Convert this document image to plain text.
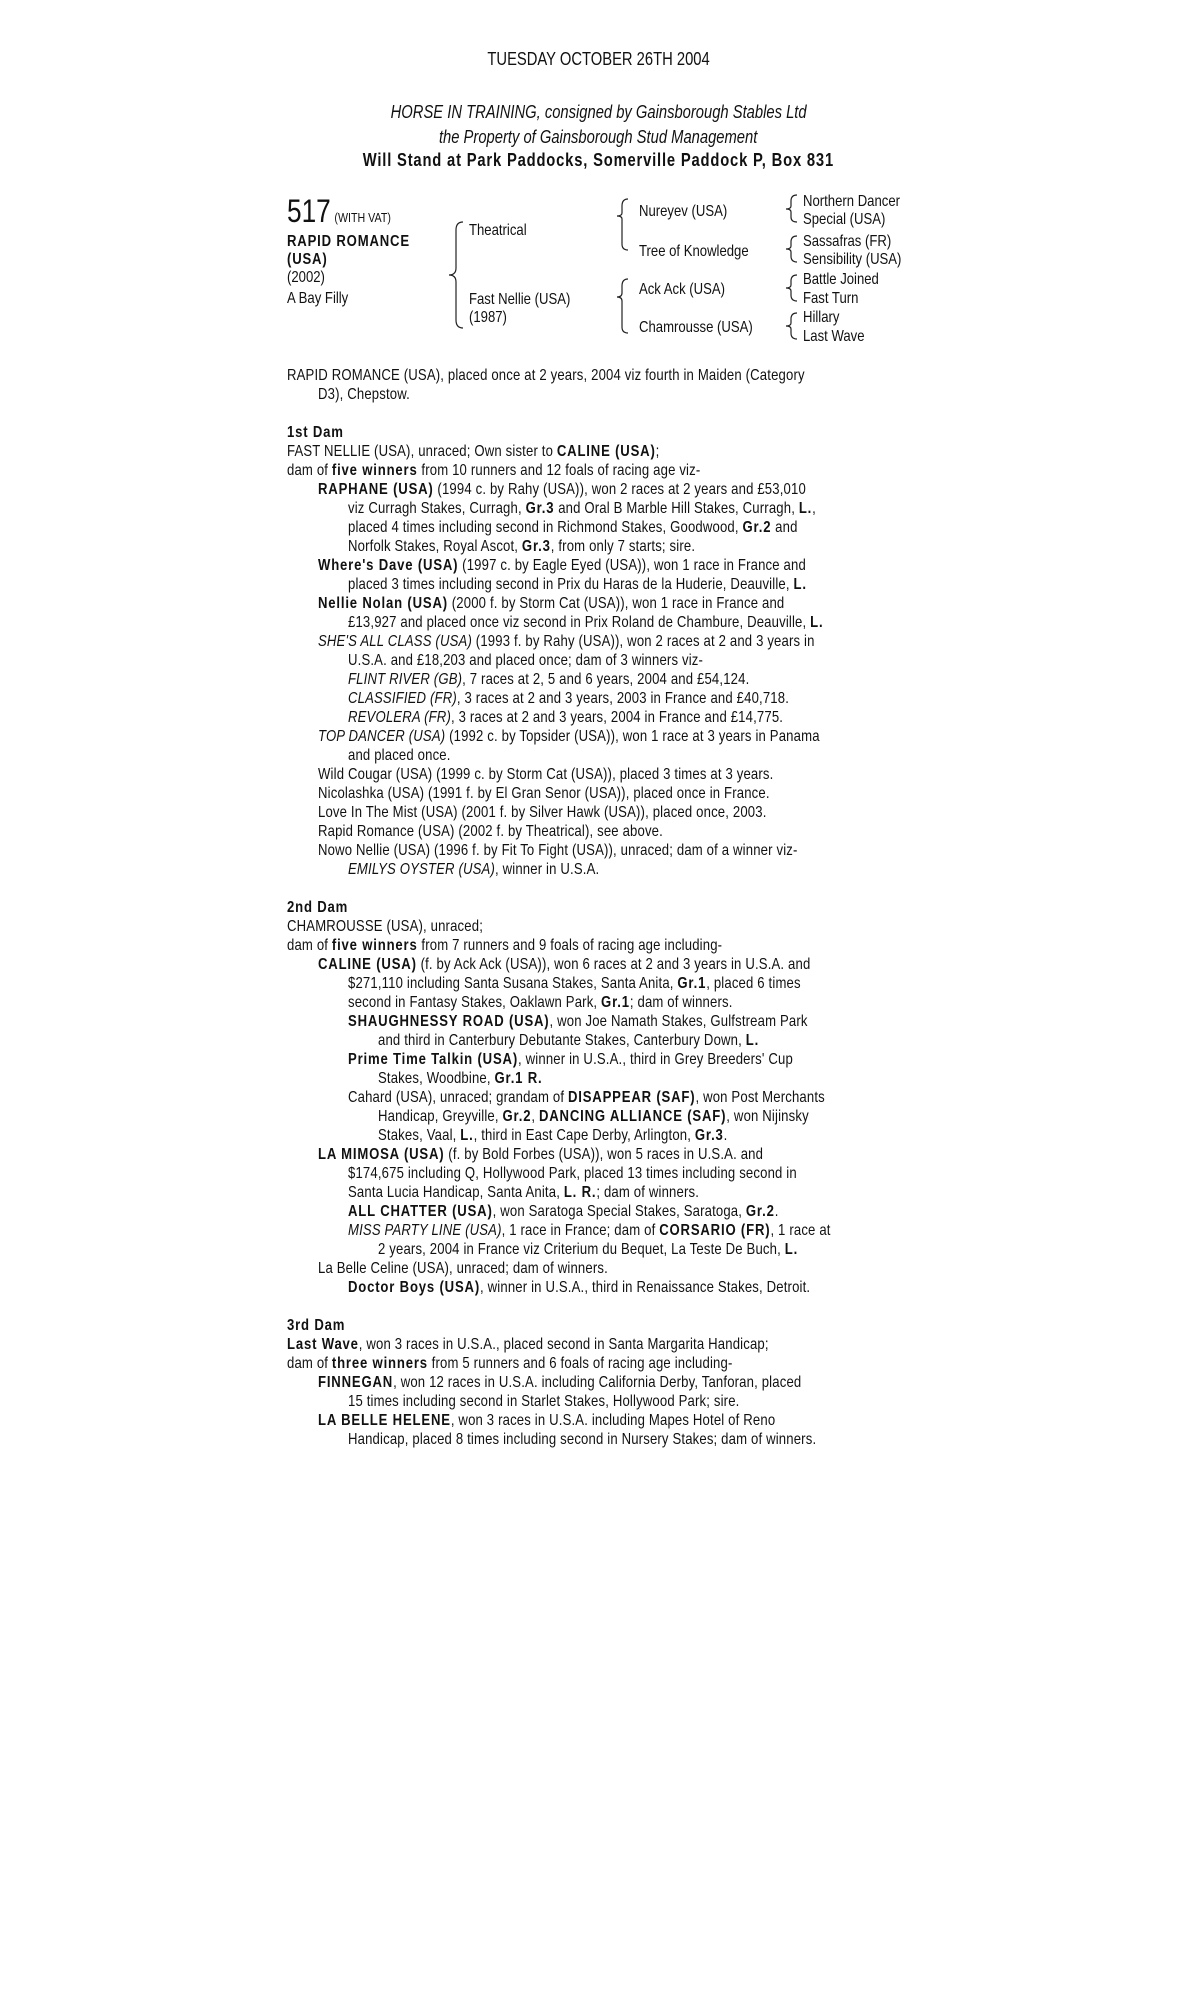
TUESDAY OCTOBER 26TH 2004
HORSE IN TRAINING, consigned by Gainsborough Stables Ltd
the Property of Gainsborough Stud Management
Will Stand at Park Paddocks, Somerville Paddock P, Box 831
517 (WITH VAT)
RAPID ROMANCE
(USA)
(2002)
A Bay Filly
Theatrical
Fast Nellie (USA)
(1987)
Nureyev (USA)
Tree of Knowledge
Ack Ack (USA)
Chamrousse (USA)
Northern Dancer
Special (USA)
Sassafras (FR)
Sensibility (USA)
Battle Joined
Fast Turn
Hillary
Last Wave
RAPID ROMANCE (USA), placed once at 2 years, 2004 viz fourth in Maiden (Category
D3), Chepstow.
1st Dam
FAST NELLIE (USA), unraced; Own sister to CALINE (USA);
dam of five winners from 10 runners and 12 foals of racing age viz-
RAPHANE (USA) (1994 c. by Rahy (USA)), won 2 races at 2 years and £53,010
viz Curragh Stakes, Curragh, Gr.3 and Oral B Marble Hill Stakes, Curragh, L.,
placed 4 times including second in Richmond Stakes, Goodwood, Gr.2 and
Norfolk Stakes, Royal Ascot, Gr.3, from only 7 starts; sire.
Where's Dave (USA) (1997 c. by Eagle Eyed (USA)), won 1 race in France and
placed 3 times including second in Prix du Haras de la Huderie, Deauville, L.
Nellie Nolan (USA) (2000 f. by Storm Cat (USA)), won 1 race in France and
£13,927 and placed once viz second in Prix Roland de Chambure, Deauville, L.
SHE'S ALL CLASS (USA) (1993 f. by Rahy (USA)), won 2 races at 2 and 3 years in
U.S.A. and £18,203 and placed once; dam of 3 winners viz-
FLINT RIVER (GB), 7 races at 2, 5 and 6 years, 2004 and £54,124.
CLASSIFIED (FR), 3 races at 2 and 3 years, 2003 in France and £40,718.
REVOLERA (FR), 3 races at 2 and 3 years, 2004 in France and £14,775.
TOP DANCER (USA) (1992 c. by Topsider (USA)), won 1 race at 3 years in Panama
and placed once.
Wild Cougar (USA) (1999 c. by Storm Cat (USA)), placed 3 times at 3 years.
Nicolashka (USA) (1991 f. by El Gran Senor (USA)), placed once in France.
Love In The Mist (USA) (2001 f. by Silver Hawk (USA)), placed once, 2003.
Rapid Romance (USA) (2002 f. by Theatrical), see above.
Nowo Nellie (USA) (1996 f. by Fit To Fight (USA)), unraced; dam of a winner viz-
EMILYS OYSTER (USA), winner in U.S.A.
2nd Dam
CHAMROUSSE (USA), unraced;
dam of five winners from 7 runners and 9 foals of racing age including-
CALINE (USA) (f. by Ack Ack (USA)), won 6 races at 2 and 3 years in U.S.A. and
$271,110 including Santa Susana Stakes, Santa Anita, Gr.1, placed 6 times
second in Fantasy Stakes, Oaklawn Park, Gr.1; dam of winners.
SHAUGHNESSY ROAD (USA), won Joe Namath Stakes, Gulfstream Park
and third in Canterbury Debutante Stakes, Canterbury Down, L.
Prime Time Talkin (USA), winner in U.S.A., third in Grey Breeders' Cup
Stakes, Woodbine, Gr.1 R.
Cahard (USA), unraced; grandam of DISAPPEAR (SAF), won Post Merchants
Handicap, Greyville, Gr.2, DANCING ALLIANCE (SAF), won Nijinsky
Stakes, Vaal, L., third in East Cape Derby, Arlington, Gr.3.
LA MIMOSA (USA) (f. by Bold Forbes (USA)), won 5 races in U.S.A. and
$174,675 including Q, Hollywood Park, placed 13 times including second in
Santa Lucia Handicap, Santa Anita, L. R.; dam of winners.
ALL CHATTER (USA), won Saratoga Special Stakes, Saratoga, Gr.2.
MISS PARTY LINE (USA), 1 race in France; dam of CORSARIO (FR), 1 race at
2 years, 2004 in France viz Criterium du Bequet, La Teste De Buch, L.
La Belle Celine (USA), unraced; dam of winners.
Doctor Boys (USA), winner in U.S.A., third in Renaissance Stakes, Detroit.
3rd Dam
Last Wave, won 3 races in U.S.A., placed second in Santa Margarita Handicap;
dam of three winners from 5 runners and 6 foals of racing age including-
FINNEGAN, won 12 races in U.S.A. including California Derby, Tanforan, placed
15 times including second in Starlet Stakes, Hollywood Park; sire.
LA BELLE HELENE, won 3 races in U.S.A. including Mapes Hotel of Reno
Handicap, placed 8 times including second in Nursery Stakes; dam of winners.
